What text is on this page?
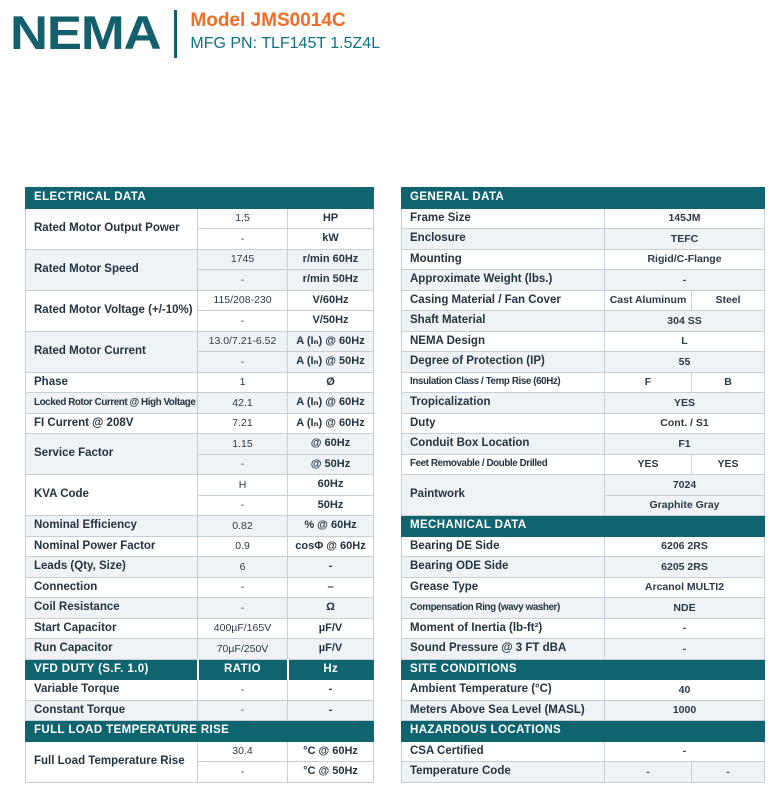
NEMA Model JMS0014C
MFG PN: TLF145T 1.5Z4L
ELECTRICAL DATA		
Rated Motor Output Power	1.5	HP
	-	kW
Rated Motor Speed	1745	r/min 60Hz
	-	r/min 50Hz
Rated Motor Voltage (+/-10%)	115/208-230	V/60Hz
	-	V/50Hz
Rated Motor Current	13.0/7.21-6.52	A (Iₙ) @ 60Hz
	-	A (Iₙ) @ 50Hz
Phase	1	Ø
Locked Rotor Current @ High Voltage	42.1	A (Iₙ) @ 60Hz
FI Current @ 208V	7.21	A (Iₙ) @ 60Hz
Service Factor	1.15	@ 60Hz
	-	@ 50Hz
KVA Code	H	60Hz
	-	50Hz
Nominal Efficiency	0.82	% @ 60Hz
Nominal Power Factor	0.9	cosΦ @ 60Hz
Leads (Qty, Size)	6	-
Connection	-	–
Coil Resistance	-	Ω
Start Capacitor	400µF/165V	µF/V
Run Capacitor	70µF/250V	µF/V
VFD DUTY (S.F. 1.0)	RATIO	Hz
Variable Torque	-	-
Constant Torque	-	-
FULL LOAD TEMPERATURE RISE		
Full Load Temperature Rise	30.4	°C @ 60Hz
	-	°C @ 50Hz
GENERAL DATA		
Frame Size	145JM	
Enclosure	TEFC	
Mounting	Rigid/C-Flange	
Approximate Weight (lbs.)	-	
Casing Material / Fan Cover	Cast Aluminum	Steel
Shaft Material	304 SS	
NEMA Design	L	
Degree of Protection (IP)	55	
Insulation Class / Temp Rise (60Hz)	F	B
Tropicalization	YES	
Duty	Cont. / S1	
Conduit Box Location	F1	
Feet Removable / Double Drilled	YES	YES
Paintwork	7024	
	Graphite Gray	
MECHANICAL DATA		
Bearing DE Side	6206 2RS	
Bearing ODE Side	6205 2RS	
Grease Type	Arcanol MULTI2	
Compensation Ring (wavy washer)	NDE	
Moment of Inertia (lb-ft²)	-	
Sound Pressure @ 3 FT dBA	-	
SITE CONDITIONS		
Ambient Temperature (°C)	40	
Meters Above Sea Level (MASL)	1000	
HAZARDOUS LOCATIONS		
CSA Certified	-	
Temperature Code	-	-
